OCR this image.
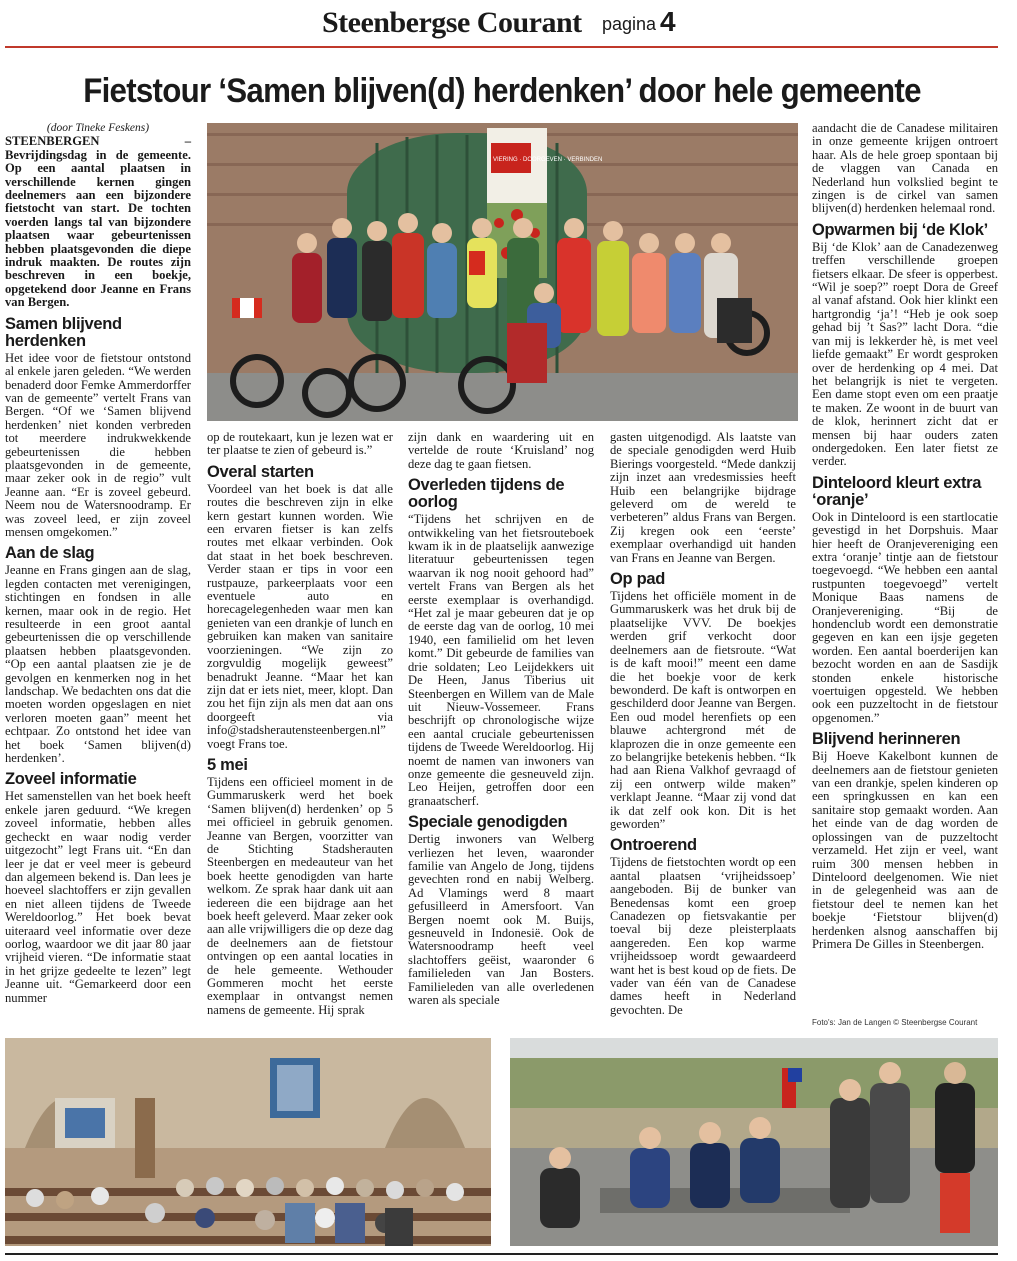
Steenbergse Courant pagina 4
Fietstour ‘Samen blijven(d) herdenken’ door hele gemeente

(door Tineke Feskens)

STEENBERGEN – Bevrijdingsdag in de gemeente. Op een aantal plaatsen in verschillende kernen gingen deelnemers aan een bijzondere fietstocht van start. De tochten voerden langs tal van bijzondere plaatsen waar gebeurtenissen hebben plaatsgevonden die diepe indruk maakten. De routes zijn beschreven in een boekje, opgetekend door Jeanne en Frans van Bergen.

Samen blijvend herdenken

Het idee voor de fietstour ontstond al enkele jaren geleden. “We werden benaderd door Femke Ammerdorffer van de gemeente” vertelt Frans van Bergen. “Of we ‘Samen blijvend herdenken’ niet konden verbreden tot meerdere indrukwekkende gebeurtenissen die hebben plaatsgevonden in de gemeente, maar zeker ook in de regio” vult Jeanne aan. “Er is zoveel gebeurd. Neem nou de Watersnoodramp. Er was zoveel leed, er zijn zoveel mensen omgekomen.”

Aan de slag

Jeanne en Frans gingen aan de slag, legden contacten met verenigingen, stichtingen en fondsen in alle kernen, maar ook in de regio. Het resulteerde in een groot aantal gebeurtenissen die op verschillende plaatsen hebben plaatsgevonden. “Op een aantal plaatsen zie je de gevolgen en kenmerken nog in het landschap. We bedachten ons dat die moeten worden opgeslagen en niet verloren moeten gaan” meent het echtpaar. Zo ontstond het idee van het boek ‘Samen blijven(d) herdenken’.

Zoveel informatie

Het samenstellen van het boek heeft enkele jaren geduurd. “We kregen zoveel informatie, hebben alles gecheckt en waar nodig verder uitgezocht” legt Frans uit. “En dan leer je dat er veel meer is gebeurd dan algemeen bekend is. Dan lees je hoeveel slachtoffers er zijn gevallen en niet alleen tijdens de Tweede Wereldoorlog.” Het boek bevat uiteraard veel informatie over deze oorlog, waardoor we dit jaar 80 jaar vrijheid vieren. “De informatie staat in het grijze gedeelte te lezen” legt Jeanne uit. “Gemarkeerd door een nummer

VIERING · DOORGEVEN · VERBINDEN

op de routekaart, kun je lezen wat er ter plaatse te zien of gebeurd is.”

Overal starten

Voordeel van het boek is dat alle routes die beschreven zijn in elke kern gestart kunnen worden. Wie een ervaren fietser is kan zelfs routes met elkaar verbinden. Ook dat staat in het boek beschreven. Verder staan er tips in voor een rustpauze, parkeerplaats voor een eventuele auto en horecagelegenheden waar men kan genieten van een drankje of lunch en gebruiken kan maken van sanitaire voorzieningen. “We zijn zo zorgvuldig mogelijk geweest” benadrukt Jeanne. “Maar het kan zijn dat er iets niet, meer, klopt. Dan zou het fijn zijn als men dat aan ons doorgeeft via info@stadsherautensteenbergen.nl” voegt Frans toe.

5 mei

Tijdens een officieel moment in de Gummaruskerk werd het boek ‘Samen blijven(d) herdenken’ op 5 mei officieel in gebruik genomen. Jeanne van Bergen, voorzitter van de Stichting Stadsherauten Steenbergen en medeauteur van het boek heette genodigden van harte welkom. Ze sprak haar dank uit aan iedereen die een bijdrage aan het boek heeft geleverd. Maar zeker ook aan alle vrijwilligers die op deze dag de deelnemers aan de fietstour ontvingen op een aantal locaties in de hele gemeente. Wethouder Gommeren mocht het eerste exemplaar in ontvangst nemen namens de gemeente. Hij sprak

zijn dank en waardering uit en vertelde de route ‘Kruisland’ nog deze dag te gaan fietsen.

Overleden tijdens de oorlog

“Tijdens het schrijven en de ontwikkeling van het fietsrouteboek kwam ik in de plaatselijk aanwezige literatuur gebeurtenissen tegen waarvan ik nog nooit gehoord had” vertelt Frans van Bergen als het eerste exemplaar is overhandigd. “Het zal je maar gebeuren dat je op de eerste dag van de oorlog, 10 mei 1940, een familielid om het leven komt.” Dit gebeurde de families van drie soldaten; Leo Leijdekkers uit De Heen, Janus Tiberius uit Steenbergen en Willem van de Male uit Nieuw-Vossemeer. Frans beschrijft op chronologische wijze een aantal cruciale gebeurtenissen tijdens de Tweede Wereldoorlog. Hij noemt de namen van inwoners van onze gemeente die gesneuveld zijn. Leo Heijen, getroffen door een granaatscherf.

Speciale genodigden

Dertig inwoners van Welberg verliezen het leven, waaronder familie van Angelo de Jong, tijdens gevechten rond en nabij Welberg. Ad Vlamings werd 8 maart gefusilleerd in Amersfoort. Van Bergen noemt ook M. Buijs, gesneuveld in Indonesië. Ook de Watersnoodramp heeft veel slachtoffers geëist, waaronder 6 familieleden van Jan Bosters. Familieleden van alle overledenen waren als speciale

gasten uitgenodigd. Als laatste van de speciale genodigden werd Huib Bierings voorgesteld. “Mede dankzij zijn inzet aan vredesmissies heeft Huib een belangrijke bijdrage geleverd om de wereld te verbeteren” aldus Frans van Bergen. Zij kregen ook een ‘eerste’ exemplaar overhandigd uit handen van Frans en Jeanne van Bergen.

Op pad

Tijdens het officiële moment in de Gummaruskerk was het druk bij de plaatselijke VVV. De boekjes werden grif verkocht door deelnemers aan de fietsroute. “Wat is de kaft mooi!” meent een dame die het boekje voor de kerk bewonderd. De kaft is ontworpen en geschilderd door Jeanne van Bergen. Een oud model herenfiets op een blauwe achtergrond mét de klaprozen die in onze gemeente een zo belangrijke betekenis hebben. “Ik had aan Riena Valkhof gevraagd of zij een ontwerp wilde maken” verklapt Jeanne. “Maar zij vond dat ik dat zelf ook kon. Dit is het geworden”

Ontroerend

Tijdens de fietstochten wordt op een aantal plaatsen ‘vrijheidssoep’ aangeboden. Bij de bunker van Benedensas komt een groep Canadezen op fietsvakantie per toeval bij deze pleisterplaats aangereden. Een kop warme vrijheidssoep wordt gewaardeerd want het is best koud op de fiets. De vader van één van de Canadese dames heeft in Nederland gevochten. De

aandacht die de Canadese militairen in onze gemeente krijgen ontroert haar. Als de hele groep spontaan bij de vlaggen van Canada en Nederland hun volkslied begint te zingen is de cirkel van samen blijven(d) herdenken helemaal rond.

Opwarmen bij ‘de Klok’

Bij ‘de Klok’ aan de Canadezenweg treffen verschillende groepen fietsers elkaar. De sfeer is opperbest. “Wil je soep?” roept Dora de Greef al vanaf afstand. Ook hier klinkt een hartgrondig ‘ja’! “Heb je ook soep gehad bij ’t Sas?” lacht Dora. “die van mij is lekkerder hè, is met veel liefde gemaakt” Er wordt gesproken over de herdenking op 4 mei. Dat het belangrijk is niet te vergeten. Een dame stopt even om een praatje te maken. Ze woont in de buurt van de klok, herinnert zicht dat er mensen bij haar ouders zaten ondergedoken. Een later fietst ze verder.

Dinteloord kleurt extra ‘oranje’

Ook in Dinteloord is een startlocatie gevestigd in het Dorpshuis. Maar hier heeft de Oranjevereniging een extra ‘oranje’ tintje aan de fietstour toegevoegd. “We hebben een aantal rustpunten toegevoegd” vertelt Monique Baas namens de Oranjevereniging. “Bij de hondenclub wordt een demonstratie gegeven en kan een ijsje gegeten worden. Een aantal boerderijen kan bezocht worden en aan de Sasdijk stonden enkele historische voertuigen opgesteld. We hebben ook een puzzeltocht in de fietstour opgenomen.”

Blijvend herinneren

Bij Hoeve Kakelbont kunnen de deelnemers aan de fietstour genieten van een drankje, spelen kinderen op een springkussen en kan een sanitaire stop gemaakt worden. Aan het einde van de dag worden de oplossingen van de puzzeltocht verzameld. Het zijn er veel, want ruim 300 mensen hebben in Dinteloord deelgenomen. Wie niet in de gelegenheid was aan de fietstour deel te nemen kan het boekje ‘Fietstour blijven(d) herdenken alsnog aanschaffen bij Primera De Gilles in Steenbergen.

Foto's: Jan de Langen © Steenbergse Courant
